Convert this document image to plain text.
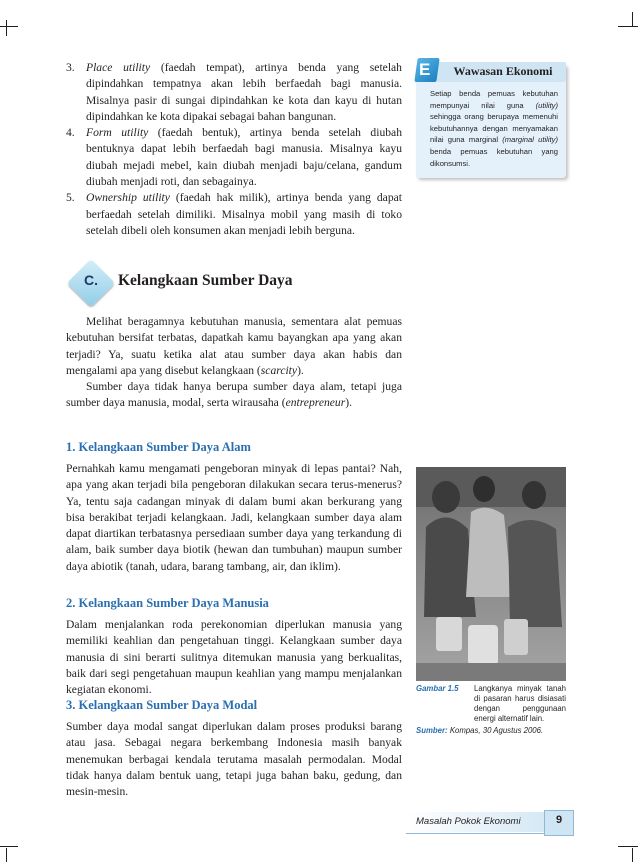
3. Place utility (faedah tempat), artinya benda yang setelah dipindahkan tempatnya akan lebih berfaedah bagi manusia. Misalnya pasir di sungai dipindahkan ke kota dan kayu di hutan dipindahkan ke kota dipakai sebagai bahan bangunan.
4. Form utility (faedah bentuk), artinya benda setelah diubah bentuknya dapat lebih berfaedah bagi manusia. Misalnya kayu diubah mejadi mebel, kain diubah menjadi baju/celana, gandum diubah menjadi roti, dan sebagainya.
5. Ownership utility (faedah hak milik), artinya benda yang dapat berfaedah setelah dimiliki. Misalnya mobil yang masih di toko setelah dibeli oleh konsumen akan menjadi lebih berguna.
C.	Kelangkaan Sumber Daya

Melihat beragamnya kebutuhan manusia, sementara alat pemuas kebutuhan bersifat terbatas, dapatkah kamu bayangkan apa yang akan terjadi? Ya, suatu ketika alat atau sumber daya akan habis dan mengalami apa yang disebut kelangkaan (scarcity).

Sumber daya tidak hanya berupa sumber daya alam, tetapi juga sumber daya manusia, modal, serta wirausaha (entrepreneur).

1. Kelangkaan Sumber Daya Alam

Pernahkah kamu mengamati pengeboran minyak di lepas pantai? Nah, apa yang akan terjadi bila pengeboran dilakukan secara terus-menerus? Ya, tentu saja cadangan minyak di dalam bumi akan berkurang yang bisa berakibat terjadi kelangkaan. Jadi, kelangkaan sumber daya alam dapat diartikan terbatasnya persediaan sumber daya yang terkandung di alam, baik sumber daya biotik (hewan dan tumbuhan) maupun sumber daya abiotik (tanah, udara, barang tambang, air, dan iklim).

2. Kelangkaan Sumber Daya Manusia

Dalam menjalankan roda perekonomian diperlukan manusia yang memiliki keahlian dan pengetahuan tinggi. Kelangkaan sumber daya manusia di sini berarti sulitnya ditemukan manusia yang berkualitas, baik dari segi pengetahuan maupun keahlian yang mampu menjalankan kegiatan ekonomi.

3. Kelangkaan Sumber Daya Modal

Sumber daya modal sangat diperlukan dalam proses produksi barang atau jasa. Sebagai negara berkembang Indonesia masih banyak menemukan berbagai kendala terutama masalah permodalan. Modal tidak hanya dalam bentuk uang, tetapi juga bahan baku, gedung, dan mesin-mesin.

E	Wawasan Ekonomi

Setiap benda pemuas kebutuhan mempunyai nilai guna (utility) sehingga orang berupaya memenuhi kebutuhannya dengan menyamakan nilai guna marginal (marginal utility) benda pemuas kebutuhan yang dikonsumsi.

Gambar 1.5 Langkanya minyak tanah di pasaran harus disiasati dengan penggunaan energi alternatif lain.
Sumber: Kompas, 30 Agustus 2006.
Masalah Pokok Ekonomi	9
